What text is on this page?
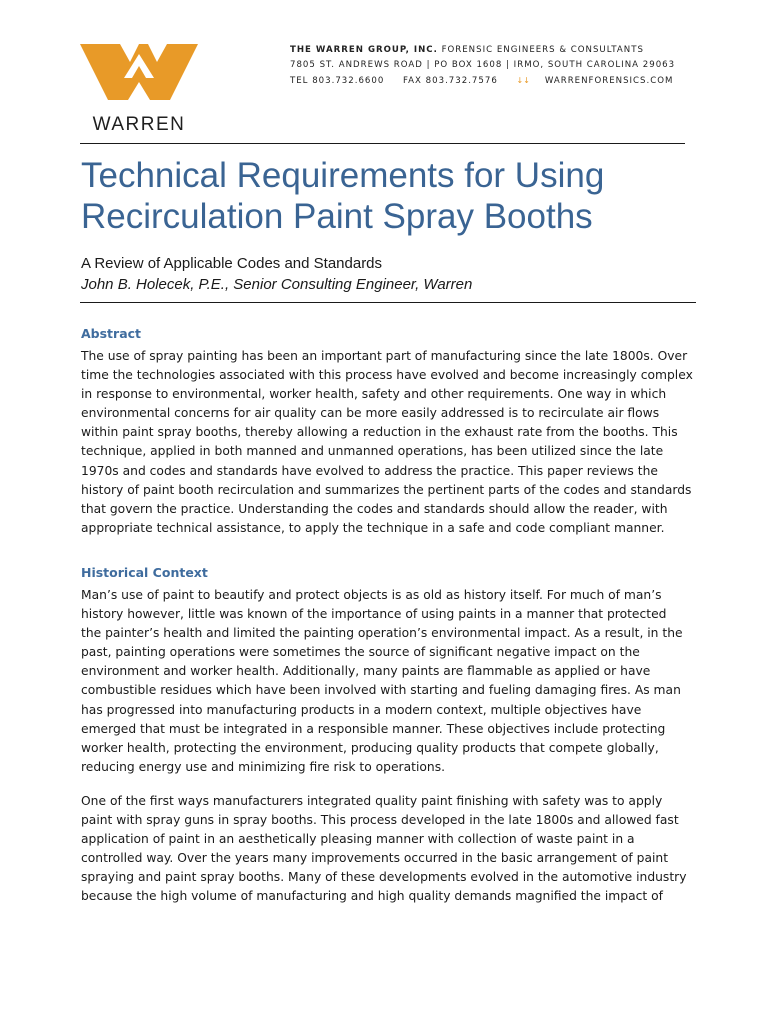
WARREN
THE WARREN GROUP, INC. FORENSIC ENGINEERS & CONSULTANTS
7805 ST. ANDREWS ROAD | PO BOX 1608 | IRMO, SOUTH CAROLINA 29063
TEL 803.732.6600 FAX 803.732.7576 ↓↓ WARRENFORENSICS.COM
Technical Requirements for Using Recirculation Paint Spray Booths
A Review of Applicable Codes and Standards
John B. Holecek, P.E., Senior Consulting Engineer, Warren
Abstract
The use of spray painting has been an important part of manufacturing since the late 1800s. Over
time the technologies associated with this process have evolved and become increasingly complex
in response to environmental, worker health, safety and other requirements. One way in which
environmental concerns for air quality can be more easily addressed is to recirculate air flows
within paint spray booths, thereby allowing a reduction in the exhaust rate from the booths. This
technique, applied in both manned and unmanned operations, has been utilized since the late
1970s and codes and standards have evolved to address the practice. This paper reviews the
history of paint booth recirculation and summarizes the pertinent parts of the codes and standards
that govern the practice. Understanding the codes and standards should allow the reader, with
appropriate technical assistance, to apply the technique in a safe and code compliant manner.
Historical Context
Man’s use of paint to beautify and protect objects is as old as history itself. For much of man’s
history however, little was known of the importance of using paints in a manner that protected
the painter’s health and limited the painting operation’s environmental impact. As a result, in the
past, painting operations were sometimes the source of significant negative impact on the
environment and worker health. Additionally, many paints are flammable as applied or have
combustible residues which have been involved with starting and fueling damaging fires. As man
has progressed into manufacturing products in a modern context, multiple objectives have
emerged that must be integrated in a responsible manner. These objectives include protecting
worker health, protecting the environment, producing quality products that compete globally,
reducing energy use and minimizing fire risk to operations.
One of the first ways manufacturers integrated quality paint finishing with safety was to apply
paint with spray guns in spray booths. This process developed in the late 1800s and allowed fast
application of paint in an aesthetically pleasing manner with collection of waste paint in a
controlled way. Over the years many improvements occurred in the basic arrangement of paint
spraying and paint spray booths. Many of these developments evolved in the automotive industry
because the high volume of manufacturing and high quality demands magnified the impact of
